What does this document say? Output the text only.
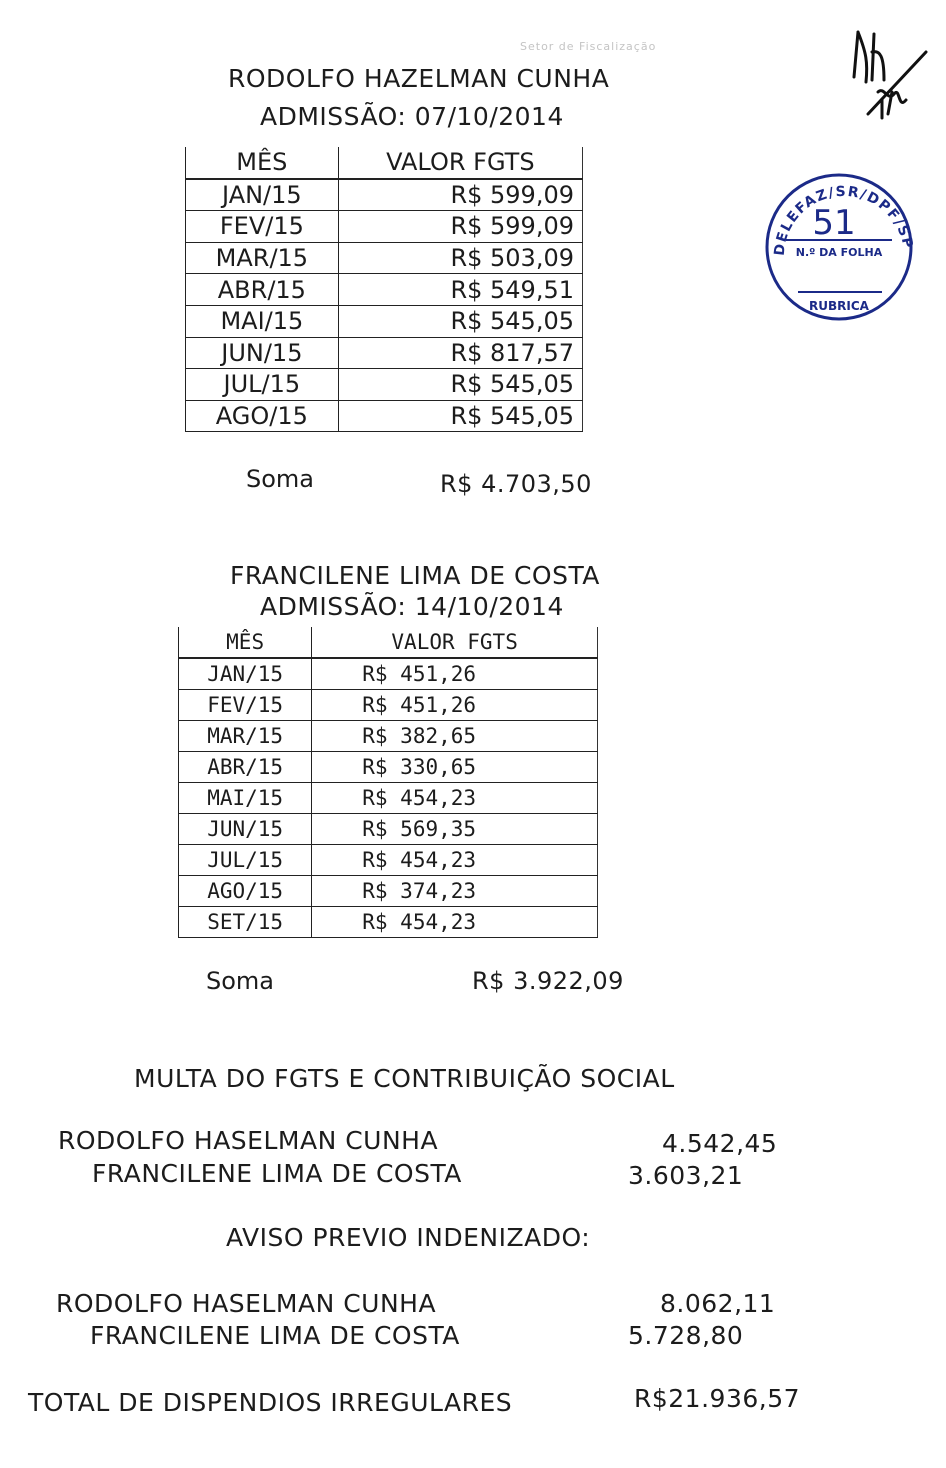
Setor de Fiscalização
DELEFAZ/SR/DPF/SP
51
N.º DA FOLHA
RUBRICA
RODOLFO HAZELMAN CUNHA
ADMISSÃO: 07/10/2014
MÊS	VALOR FGTS
JAN/15	R$ 599,09
FEV/15	R$ 599,09
MAR/15	R$ 503,09
ABR/15	R$ 549,51
MAI/15	R$ 545,05
JUN/15	R$ 817,57
JUL/15	R$ 545,05
AGO/15	R$ 545,05
Soma	R$ 4.703,50
FRANCILENE LIMA DE COSTA
ADMISSÃO: 14/10/2014
MÊS	VALOR FGTS
JAN/15	R$ 451,26
FEV/15	R$ 451,26
MAR/15	R$ 382,65
ABR/15	R$ 330,65
MAI/15	R$ 454,23
JUN/15	R$ 569,35
JUL/15	R$ 454,23
AGO/15	R$ 374,23
SET/15	R$ 454,23
Soma	R$ 3.922,09
MULTA DO FGTS E CONTRIBUIÇÃO SOCIAL
RODOLFO HASELMAN CUNHA	4.542,45
FRANCILENE LIMA DE COSTA	3.603,21
AVISO PREVIO INDENIZADO:
RODOLFO HASELMAN CUNHA	8.062,11
FRANCILENE LIMA DE COSTA	5.728,80
TOTAL DE DISPENDIOS IRREGULARES	R$21.936,57
